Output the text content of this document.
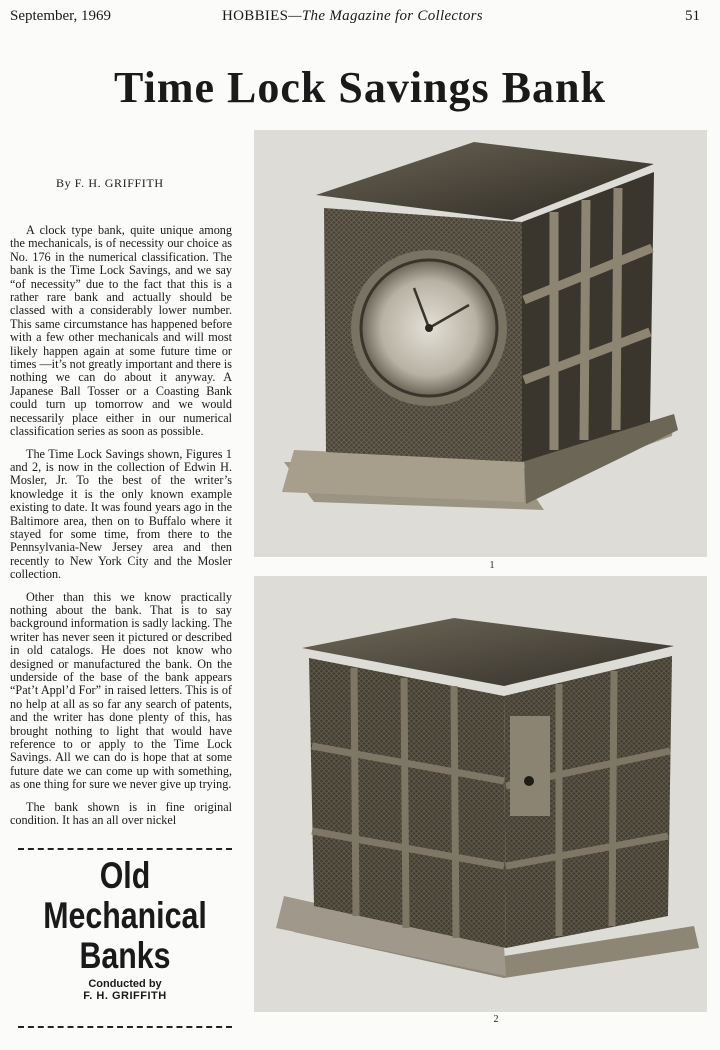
September, 1969	HOBBIES—The Magazine for Collectors	51
Time Lock Savings Bank
By F. H. GRIFFITH

A clock type bank, quite unique among the mechanicals, is of necessity our choice as No. 176 in the numerical classification. The bank is the Time Lock Savings, and we say “of necessity” due to the fact that this is a rather rare bank and actually should be classed with a considerably lower number. This same circumstance has happened before with a few other mechanicals and will most likely happen again at some future time or times —it’s not greatly important and there is nothing we can do about it anyway. A Japanese Ball Tosser or a Coasting Bank could turn up tomorrow and we would necessarily place either in our numerical classification series as soon as possible.

The Time Lock Savings shown, Figures 1 and 2, is now in the collection of Edwin H. Mosler, Jr. To the best of the writer’s knowledge it is the only known example existing to date. It was found years ago in the Baltimore area, then on to Buffalo where it stayed for some time, from there to the Pennsylvania-New Jersey area and then recently to New York City and the Mosler collection.

Other than this we know practically nothing about the bank. That is to say background information is sadly lacking. The writer has never seen it pictured or described in old catalogs. He does not know who designed or manufactured the bank. On the underside of the base of the bank appears “Pat’t Appl’d For” in raised letters. This is of no help at all as so far any search of patents, and the writer has done plenty of this, has brought nothing to light that would have reference to or apply to the Time Lock Savings. All we can do is hope that at some future date we can come up with something, as one thing for sure we never give up trying.

The bank shown is in fine original condition. It has an all over nickel

Old
Mechanical
Banks
Conducted by
F. H. GRIFFITH
1
2
